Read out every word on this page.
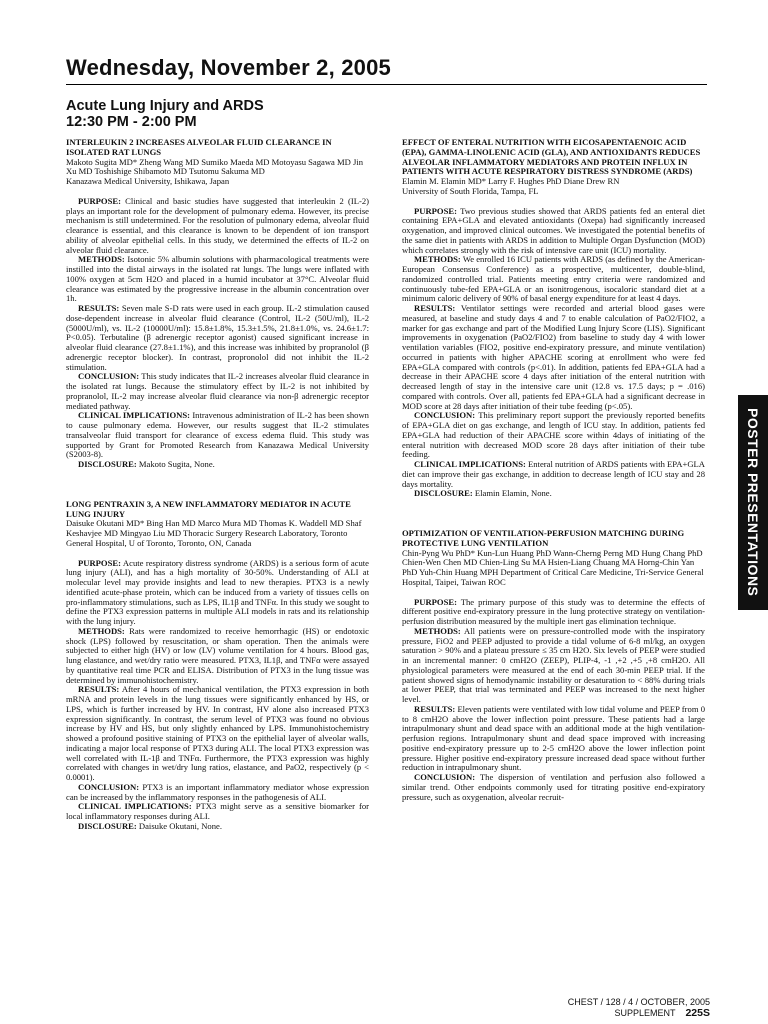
Wednesday, November 2, 2005
Acute Lung Injury and ARDS
12:30 PM - 2:00 PM

INTERLEUKIN 2 INCREASES ALVEOLAR FLUID CLEARANCE IN ISOLATED RAT LUNGS

Makoto Sugita MD* Zheng Wang MD Sumiko Maeda MD Motoyasu Sagawa MD Jin Xu MD Toshishige Shibamoto MD Tsutomu Sakuma MD

Kanazawa Medical University, Ishikawa, Japan

PURPOSE: Clinical and basic studies have suggested that interleukin 2 (IL-2) plays an important role for the development of pulmonary edema. However, its precise mechanism is still undetermined. For the resolution of pulmonary edema, alveolar fluid clearance is essential, and this clearance is known to be dependent of ion transport ability of alveolar epithelial cells. In this study, we determined the effects of IL-2 on alveolar fluid clearance.

METHODS: Isotonic 5% albumin solutions with pharmacological treatments were instilled into the distal airways in the isolated rat lungs. The lungs were inflated with 100% oxygen at 5cm H2O and placed in a humid incubator at 37°C. Alveolar fluid clearance was estimated by the progressive increase in the albumin concentration over 1h.

RESULTS: Seven male S-D rats were used in each group. IL-2 stimulation caused dose-dependent increase in alveolar fluid clearance (Control, IL-2 (50U/ml), IL-2 (5000U/ml), vs. IL-2 (10000U/ml): 15.8±1.8%, 15.3±1.5%, 21.8±1.0%, vs. 24.6±1.7: P<0.05). Terbutaline (β adrenergic receptor agonist) caused significant increase in alveolar fluid clearance (27.8±1.1%), and this increase was inhibited by propranolol (β adrenergic receptor blocker). In contrast, propronolol did not inhibit the IL-2 stimulation.

CONCLUSION: This study indicates that IL-2 increases alveolar fluid clearance in the isolated rat lungs. Because the stimulatory effect by IL-2 is not inhibited by propranolol, IL-2 may increase alveolar fluid clearance via non-β adrenergic receptor mediated pathway.

CLINICAL IMPLICATIONS: Intravenous administration of IL-2 has been shown to cause pulmonary edema. However, our results suggest that IL-2 stimulates transalveolar fluid transport for clearance of excess edema fluid. This study was supported by Grant for Promoted Research from Kanazawa Medical University (S2003-8).

DISCLOSURE: Makoto Sugita, None.

LONG PENTRAXIN 3, A NEW INFLAMMATORY MEDIATOR IN ACUTE LUNG INJURY

Daisuke Okutani MD* Bing Han MD Marco Mura MD Thomas K. Waddell MD Shaf Keshavjee MD Mingyao Liu MD Thoracic Surgery Research Laboratory, Toronto General Hospital, U of Toronto, Toronto, ON, Canada

PURPOSE: Acute respiratory distress syndrome (ARDS) is a serious form of acute lung injury (ALI), and has a high mortality of 30-50%. Understanding of ALI at molecular level may provide insights and lead to new therapies. PTX3 is a newly identified acute-phase protein, which can be induced from a variety of tissues cells on pro-inflammatory stimulations, such as LPS, IL1β and TNFα. In this study we sought to define the PTX3 expression patterns in multiple ALI models in rats and its relationship with the lung injury.

METHODS: Rats were randomized to receive hemorrhagic (HS) or endotoxic shock (LPS) followed by resuscitation, or sham operation. Then the animals were subjected to either high (HV) or low (LV) volume ventilation for 4 hours. Blood gas, lung elastance, and wet/dry ratio were measured. PTX3, IL1β, and TNFα were assayed by quantitative real time PCR and ELISA. Distribution of PTX3 in the lung tissue was determined by immunohistochemistry.

RESULTS: After 4 hours of mechanical ventilation, the PTX3 expression in both mRNA and protein levels in the lung tissues were significantly enhanced by HS, or LPS, which is further increased by HV. In contrast, HV alone also increased PTX3 expression significantly. In contrast, the serum level of PTX3 was found no obvious increase by HV and HS, but only slightly enhanced by LPS. Immunohistochemistry showed a profound positive staining of PTX3 on the epithelial layer of alveolar walls, indicating a major local response of PTX3 during ALI. The local PTX3 expression was well correlated with IL-1β and TNFα. Furthermore, the PTX3 expression was highly correlated with changes in wet/dry lung ratios, elastance, and PaO2, respectively (p < 0.0001).

CONCLUSION: PTX3 is an important inflammatory mediator whose expression can be increased by the inflammatory responses in the pathogenesis of ALI.

CLINICAL IMPLICATIONS: PTX3 might serve as a sensitive biomarker for local inflammatory responses during ALI.

DISCLOSURE: Daisuke Okutani, None.

EFFECT OF ENTERAL NUTRITION WITH EICOSAPENTAENOIC ACID (EPA), GAMMA-LINOLENIC ACID (GLA), AND ANTIOXIDANTS REDUCES ALVEOLAR INFLAMMATORY MEDIATORS AND PROTEIN INFLUX IN PATIENTS WITH ACUTE RESPIRATORY DISTRESS SYNDROME (ARDS)

Elamin M. Elamin MD* Larry F. Hughes PhD Diane Drew RN

University of South Florida, Tampa, FL

PURPOSE: Two previous studies showed that ARDS patients fed an enteral diet containing EPA+GLA and elevated antioxidants (Oxepa) had significantly increased oxygenation, and improved clinical outcomes. We investigated the potential benefits of the same diet in patients with ARDS in addition to Multiple Organ Dysfunction (MOD) which correlates strongly with the risk of intensive care unit (ICU) mortality.

METHODS: We enrolled 16 ICU patients with ARDS (as defined by the American-European Consensus Conference) as a prospective, multicenter, double-blind, randomized controlled trial. Patients meeting entry criteria were randomized and continuously tube-fed EPA+GLA or an isonitrogenous, isocaloric standard diet at a minimum caloric delivery of 90% of basal energy expenditure for at least 4 days.

RESULTS: Ventilator settings were recorded and arterial blood gases were measured, at baseline and study days 4 and 7 to enable calculation of PaO2/FIO2, a marker for gas exchange and part of the Modified Lung Injury Score (LIS). Significant improvements in oxygenation (PaO2/FIO2) from baseline to study day 4 with lower ventilation variables (FIO2, positive end-expiratory pressure, and minute ventilation) occurred in patients with higher APACHE scoring at enrollment who were fed EPA+GLA compared with controls (p<.01). In addition, patients fed EPA+GLA had a decrease in their APACHE score 4 days after initiation of the enteral nutrition with decreased length of stay in the intensive care unit (12.8 vs. 17.5 days; p = .016) compared with controls. Over all, patients fed EPA+GLA had a significant decrease in MOD score at 28 days after initiation of their tube feeding (p<.05).

CONCLUSION: This preliminary report support the previously reported benefits of EPA+GLA diet on gas exchange, and length of ICU stay. In addition, patients fed EPA+GLA had reduction of their APACHE score within 4days of initiating of the enteral nutrition with decreased MOD score 28 days after initiation of their tube feeding.

CLINICAL IMPLICATIONS: Enteral nutrition of ARDS patients with EPA+GLA diet can improve their gas exchange, in addition to decrease length of ICU stay and 28 days mortality.

DISCLOSURE: Elamin Elamin, None.

OPTIMIZATION OF VENTILATION-PERFUSION MATCHING DURING PROTECTIVE LUNG VENTILATION

Chin-Pyng Wu PhD* Kun-Lun Huang PhD Wann-Cherng Perng MD Hung Chang PhD Chien-Wen Chen MD Chien-Ling Su MA Hsien-Liang Chuang MA Horng-Chin Yan PhD Yuh-Chin Huang MPH Department of Critical Care Medicine, Tri-Service General Hospital, Taipei, Taiwan ROC

PURPOSE: The primary purpose of this study was to determine the effects of different positive end-expiratory pressure in the lung protective strategy on ventilation-perfusion distribution measured by the multiple inert gas elimination technique.

METHODS: All patients were on pressure-controlled mode with the inspiratory pressure, FiO2 and PEEP adjusted to provide a tidal volume of 6-8 ml/kg, an oxygen saturation > 90% and a plateau pressure ≤ 35 cm H2O. Six levels of PEEP were studied in an incremental manner: 0 cmH2O (ZEEP), PLIP-4, -1 ,+2 ,+5 ,+8 cmH2O. All physiological parameters were measured at the end of each 30-min PEEP trial. If the patient showed signs of hemodynamic instability or desaturation to < 88% during trials at lower PEEP, that trial was terminated and PEEP was increased to the next higher level.

RESULTS: Eleven patients were ventilated with low tidal volume and PEEP from 0 to 8 cmH2O above the lower inflection point pressure. These patients had a large intrapulmonary shunt and dead space with an additional mode at the high ventilation-perfusion regions. Intrapulmonary shunt and dead space improved with increasing positive end-expiratory pressure up to 2-5 cmH2O above the lower inflection point pressure. Higher positive end-expiratory pressure increased dead space without further reduction in intrapulmonary shunt.

CONCLUSION: The dispersion of ventilation and perfusion also followed a similar trend. Other endpoints commonly used for titrating positive end-expiratory pressure, such as oxygenation, alveolar recruit-

POSTER PRESENTATIONS
CHEST / 128 / 4 / OCTOBER, 2005 SUPPLEMENT 225S
